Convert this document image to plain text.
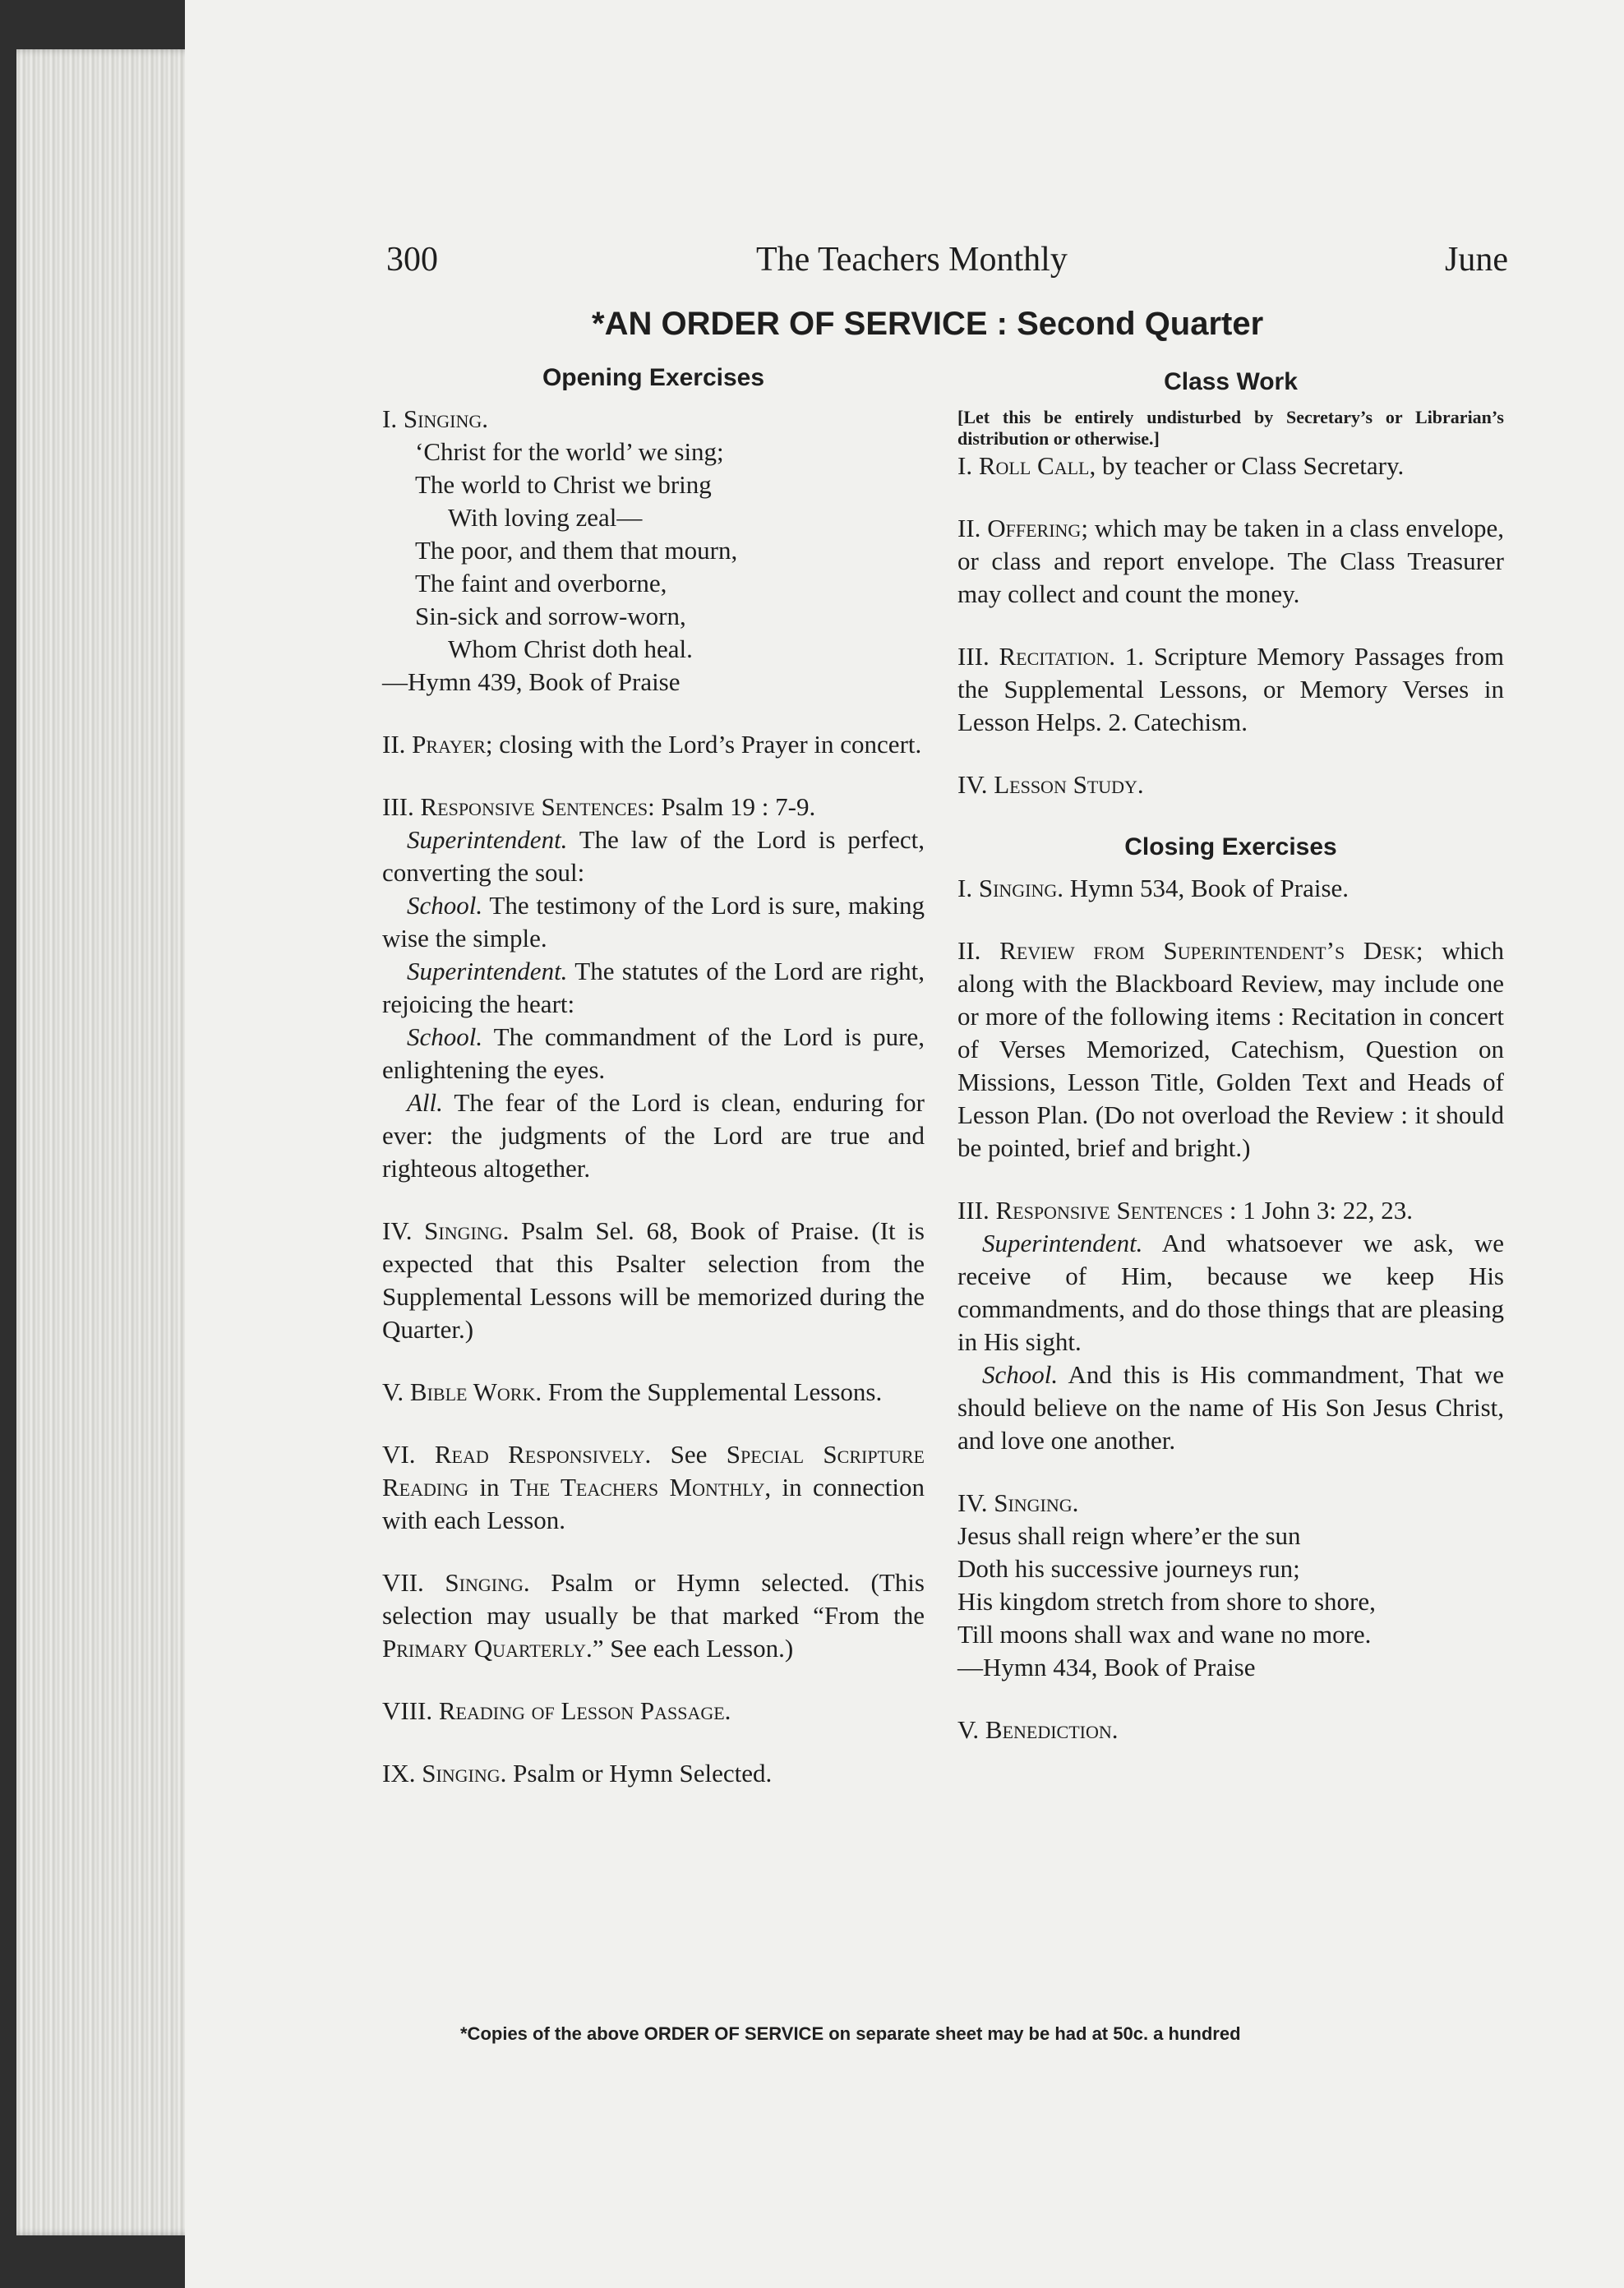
300	The Teachers Monthly	June
*AN ORDER OF SERVICE : Second Quarter
Opening Exercises

I. Singing.

‘Christ for the world’ we sing;
The world to Christ we bring
With loving zeal—
The poor, and them that mourn,
The faint and overborne,
Sin-sick and sorrow-worn,
Whom Christ doth heal.

—Hymn 439, Book of Praise

II. Prayer; closing with the Lord’s Prayer in concert.

III. Responsive Sentences: Psalm 19 : 7-9.

Superintendent. The law of the Lord is perfect, converting the soul:

School. The testimony of the Lord is sure, making wise the simple.

Superintendent. The statutes of the Lord are right, rejoicing the heart:

School. The commandment of the Lord is pure, enlightening the eyes.

All. The fear of the Lord is clean, enduring for ever: the judgments of the Lord are true and righteous altogether.

IV. Singing. Psalm Sel. 68, Book of Praise. (It is expected that this Psalter selection from the Supplemental Lessons will be memorized during the Quarter.)

V. Bible Work. From the Supplemental Lessons.

VI. Read Responsively. See Special Scripture Reading in The Teachers Monthly, in connection with each Lesson.

VII. Singing. Psalm or Hymn selected. (This selection may usually be that marked “From the Primary Quarterly.” See each Lesson.)

VIII. Reading of Lesson Passage.

IX. Singing. Psalm or Hymn Selected.

Class Work

[Let this be entirely undisturbed by Secretary’s or Librarian’s distribution or otherwise.]

I. Roll Call, by teacher or Class Secretary.

II. Offering; which may be taken in a class envelope, or class and report envelope. The Class Treasurer may collect and count the money.

III. Recitation. 1. Scripture Memory Passages from the Supplemental Lessons, or Memory Verses in Lesson Helps. 2. Catechism.

IV. Lesson Study.

Closing Exercises

I. Singing. Hymn 534, Book of Praise.

II. Review from Superintendent’s Desk; which along with the Blackboard Review, may include one or more of the following items : Recitation in concert of Verses Memorized, Catechism, Question on Missions, Lesson Title, Golden Text and Heads of Lesson Plan. (Do not overload the Review : it should be pointed, brief and bright.)

III. Responsive Sentences : 1 John 3: 22, 23.

Superintendent. And whatsoever we ask, we receive of Him, because we keep His commandments, and do those things that are pleasing in His sight.

School. And this is His commandment, That we should believe on the name of His Son Jesus Christ, and love one another.

IV. Singing.

Jesus shall reign where’er the sun
Doth his successive journeys run;
His kingdom stretch from shore to shore,
Till moons shall wax and wane no more.

—Hymn 434, Book of Praise

V. Benediction.

*Copies of the above ORDER OF SERVICE on separate sheet may be had at 50c. a hundred
